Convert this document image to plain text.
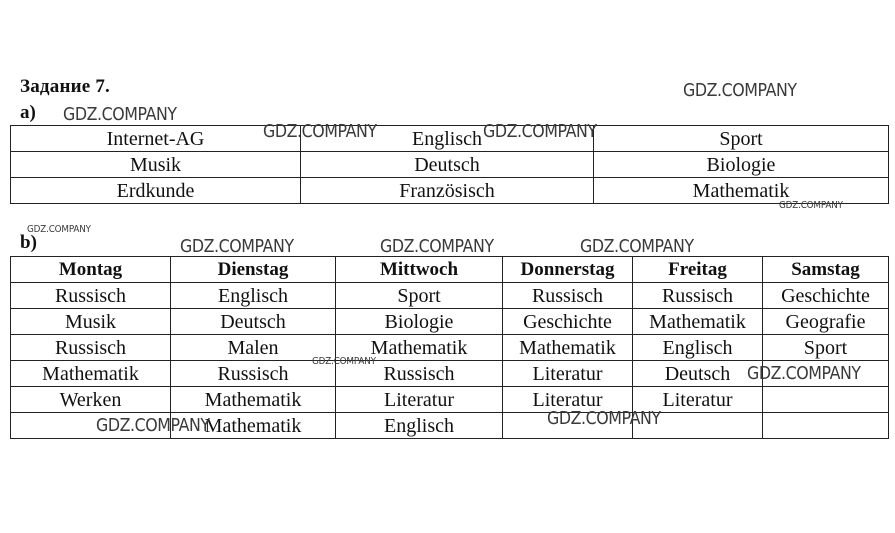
Задание 7.
a)
b)
Internet-AG	Englisch	Sport
Musik	Deutsch	Biologie
Erdkunde	Französisch	Mathematik
Montag	Dienstag	Mittwoch	Donnerstag	Freitag	Samstag
Russisch	Englisch	Sport	Russisch	Russisch	Geschichte
Musik	Deutsch	Biologie	Geschichte	Mathematik	Geografie
Russisch	Malen	Mathematik	Mathematik	Englisch	Sport
Mathematik	Russisch	Russisch	Literatur	Deutsch	
Werken	Mathematik	Literatur	Literatur	Literatur	
	Mathematik	Englisch			
GDZ.COMPANY
GDZ.COMPANY
GDZ.COMPANY	GDZ.COMPANY
GDZ.COMPANY
GDZ.COMPANY
GDZ.COMPANY	GDZ.COMPANY	GDZ.COMPANY
GDZ.COMPANY
GDZ.COMPANY
GDZ.COMPANY
GDZ.COMPANY
